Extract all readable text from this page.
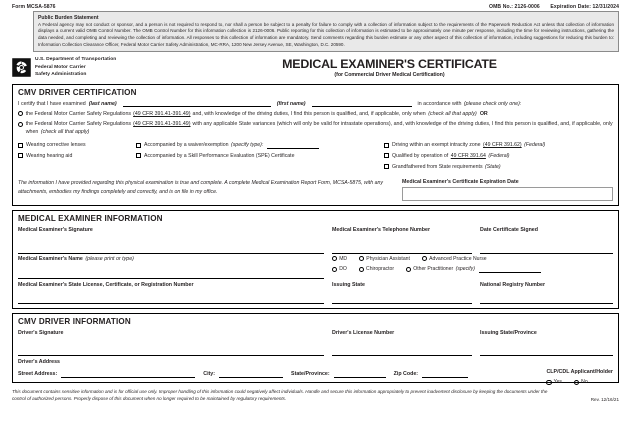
Form MCSA-5876	OMB No.: 2126-0006 Expiration Date: 12/31/2024
Public Burden Statement

A Federal agency may not conduct or sponsor, and a person is not required to respond to, nor shall a person be subject to a penalty for failure to comply with a collection of information subject to the requirements of the Paperwork Reduction Act unless that collection of information displays a current valid OMB Control Number. The OMB Control Number for this information collection is 2126-0006. Public reporting for this collection of information is estimated to be approximately one minute per response, including the time for reviewing instructions, gathering the data needed, and completing and reviewing the collection of information. All responses to this collection of information are mandatory. Send comments regarding this burden estimate or any other aspect of this collection of information, including suggestions for reducing this burden to: Information Collection Clearance Officer, Federal Motor Carrier Safety Administration, MC-RRA, 1200 New Jersey Avenue, SE, Washington, D.C. 20590.

U.S. Department of Transportation
Federal Motor Carrier
Safety Administration
MEDICAL EXAMINER'S CERTIFICATE
(for Commercial Driver Medical Certification)
CMV DRIVER CERTIFICATION
I certify that I have examined (last name)	(first name)	in accordance with (please check only one) :
the Federal Motor Carrier Safety Regulations (49 CFR 391.41-391.49) and, with knowledge of the driving duties, I find this person is qualified, and, if applicable, only when (check all that apply) OR
the Federal Motor Carrier Safety Regulations (49 CFR 391.41-391.49) with any applicable State variances (which will only be valid for intrastate operations), and, with knowledge of the driving duties, I find this person is qualified, and, if applicable, only when (check all that apply)
Wearing corrective lenses
Wearing hearing aid
Accompanied by a waiver/exemption (specify type):
Accompanied by a Skill Performance Evaluation (SPE) Certificate
Driving within an exempt intracity zone (49 CFR 391.62) (Federal)
Qualified by operation of 49 CFR 391.64 (Federal)
Grandfathered from State requirements (State)
The information I have provided regarding this physical examination is true and complete. A complete Medical Examination Report Form, MCSA-5875, with any attachments, embodies my findings completely and correctly, and is on file in my office.
Medical Examiner's Certificate Expiration Date
MEDICAL EXAMINER INFORMATION
Medical Examiner's Signature	Medical Examiner's Telephone Number	Date Certificate Signed
Medical Examiner's Name (please print or type)	MD	Physician Assistant	Advanced Practice Nurse
DO	Chiropractor	Other Practitioner (specify)
Medical Examiner's State License, Certificate, or Registration Number	Issuing State	National Registry Number
CMV DRIVER INFORMATION
Driver's Signature	Driver's License Number	Issuing State/Province
Driver's Address
Street Address:	City:	State/Province:	Zip Code:	CLP/CDL Applicant/Holder
Yes	No
This document contains sensitive information and is for official use only. Improper handling of this information could negatively affect individuals. Handle and secure this information appropriately to prevent inadvertent disclosure by keeping the documents under the control of authorized persons. Properly dispose of this document when no longer required to be maintained by regulatory requirements.	Rev. 12/16/21
